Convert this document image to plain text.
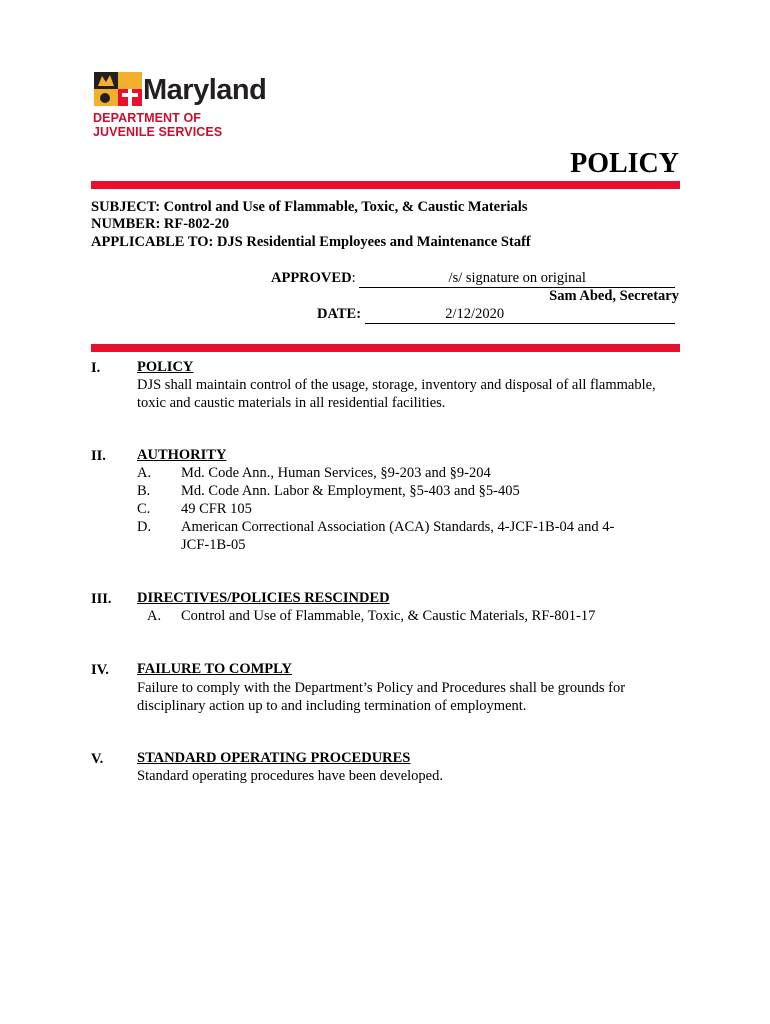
Maryland
DEPARTMENT OF
JUVENILE SERVICES
POLICY
SUBJECT: Control and Use of Flammable, Toxic, & Caustic Materials
NUMBER: RF-802-20
APPLICABLE TO: DJS Residential Employees and Maintenance Staff
APPROVED:	/s/ signature on original
Sam Abed, Secretary
DATE:	2/12/2020
I.	POLICY
DJS shall maintain control of the usage, storage, inventory and disposal of all flammable, toxic and caustic materials in all residential facilities.
II. AUTHORITY
A. Md. Code Ann., Human Services, §9-203 and §9-204
B. Md. Code Ann. Labor & Employment, §5-403 and §5-405
C. 49 CFR 105
D. American Correctional Association (ACA) Standards, 4-JCF-1B-04 and 4-JCF-1B-05
III. DIRECTIVES/POLICIES RESCINDED
A. Control and Use of Flammable, Toxic, & Caustic Materials, RF-801-17
IV. FAILURE TO COMPLY
Failure to comply with the Department’s Policy and Procedures shall be grounds for disciplinary action up to and including termination of employment.
V. STANDARD OPERATING PROCEDURES
Standard operating procedures have been developed.
